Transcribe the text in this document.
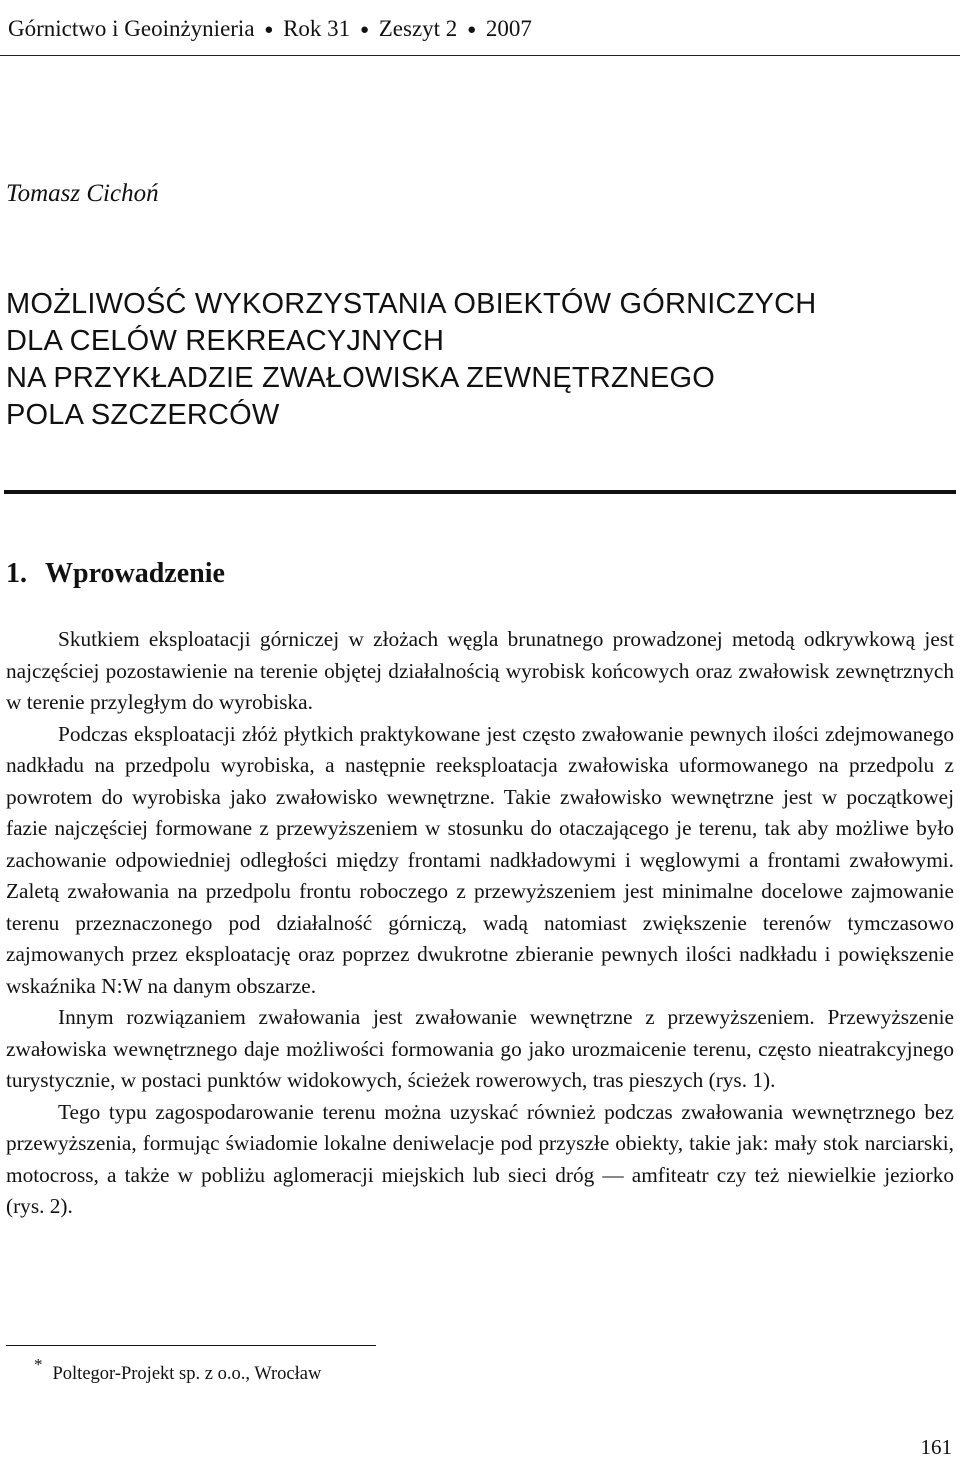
Górnictwo i Geoinżynieria ● Rok 31 ● Zeszyt 2 ● 2007
Tomasz Cichoń
MOŻLIWOŚĆ WYKORZYSTANIA OBIEKTÓW GÓRNICZYCH
DLA CELÓW REKREACYJNYCH
NA PRZYKŁADZIE ZWAŁOWISKA ZEWNĘTRZNEGO
POLA SZCZERCÓW
1. Wprowadzenie

Skutkiem eksploatacji górniczej w złożach węgla brunatnego prowadzonej metodą odkrywkową jest najczęściej pozostawienie na terenie objętej działalnością wyrobisk końcowych oraz zwałowisk zewnętrznych w terenie przyległym do wyrobiska.

Podczas eksploatacji złóż płytkich praktykowane jest często zwałowanie pewnych ilości zdejmowanego nadkładu na przedpolu wyrobiska, a następnie reeksploatacja zwałowiska uformowanego na przedpolu z powrotem do wyrobiska jako zwałowisko wewnętrzne. Takie zwałowisko wewnętrzne jest w początkowej fazie najczęściej formowane z przewyższeniem w stosunku do otaczającego je terenu, tak aby możliwe było zachowanie odpowiedniej odległości między frontami nadkładowymi i węglowymi a frontami zwałowymi. Zaletą zwałowania na przedpolu frontu roboczego z przewyższeniem jest minimalne docelowe zajmowanie terenu przeznaczonego pod działalność górniczą, wadą natomiast zwiększenie terenów tymczasowo zajmowanych przez eksploatację oraz poprzez dwukrotne zbieranie pewnych ilości nadkładu i powiększenie wskaźnika N:W na danym obszarze.

Innym rozwiązaniem zwałowania jest zwałowanie wewnętrzne z przewyższeniem. Przewyższenie zwałowiska wewnętrznego daje możliwości formowania go jako urozmaicenie terenu, często nieatrakcyjnego turystycznie, w postaci punktów widokowych, ścieżek rowerowych, tras pieszych (rys. 1).

Tego typu zagospodarowanie terenu można uzyskać również podczas zwałowania wewnętrznego bez przewyższenia, formując świadomie lokalne deniwelacje pod przyszłe obiekty, takie jak: mały stok narciarski, motocross, a także w pobliżu aglomeracji miejskich lub sieci dróg — amfiteatr czy też niewielkie jeziorko (rys. 2).

* Poltegor-Projekt sp. z o.o., Wrocław
161
